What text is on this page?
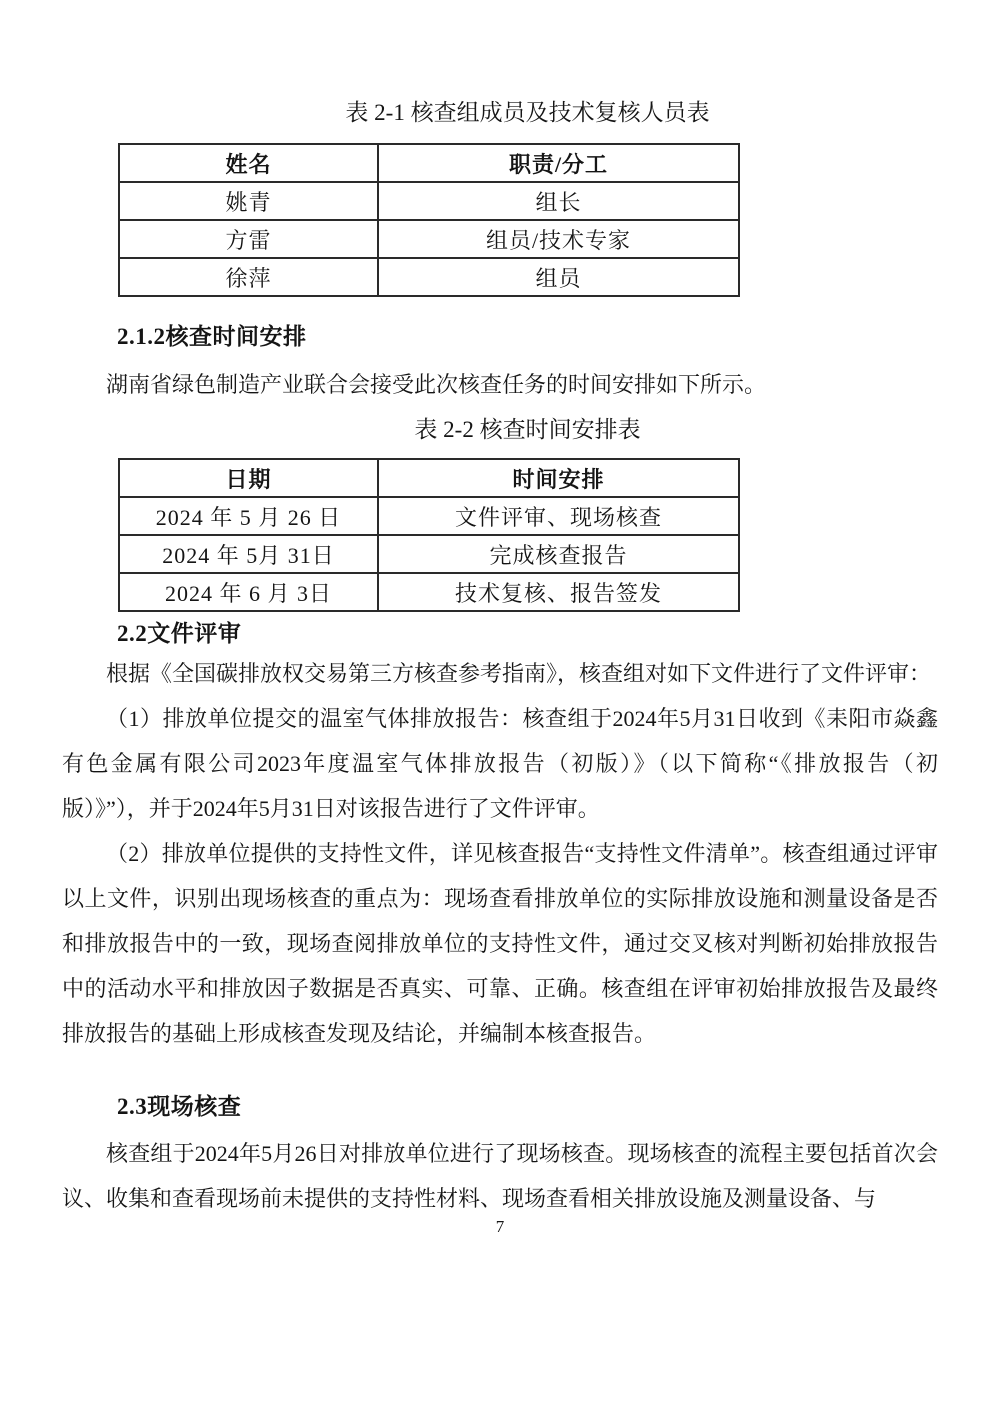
表 2-1 核查组成员及技术复核人员表
姓名	职责/分工
姚青	组长
方雷	组员/技术专家
徐萍	组员
2.1.2核查时间安排

湖南省绿色制造产业联合会接受此次核查任务的时间安排如下所示。

表 2-2 核查时间安排表
日期	时间安排
2024 年 5 月 26 日	文件评审、现场核查
2024 年 5月 31日	完成核查报告
2024 年 6 月 3日	技术复核、报告签发
2.2文件评审

根据《全国碳排放权交易第三方核查参考指南》，核查组对如下文件进行了文件评审：

（1）排放单位提交的温室气体排放报告：核查组于2024年5月31日收到《耒阳市焱鑫有色金属有限公司2023年度温室气体排放报告（初版）》（以下简称“《排放报告（初版）》”），并于2024年5月31日对该报告进行了文件评审。

（2）排放单位提供的支持性文件，详见核查报告“支持性文件清单”。核查组通过评审以上文件，识别出现场核查的重点为：现场查看排放单位的实际排放设施和测量设备是否和排放报告中的一致，现场查阅排放单位的支持性文件，通过交叉核对判断初始排放报告中的活动水平和排放因子数据是否真实、可靠、正确。核查组在评审初始排放报告及最终排放报告的基础上形成核查发现及结论，并编制本核查报告。

2.3现场核查

核查组于2024年5月26日对排放单位进行了现场核查。现场核查的流程主要包括首次会议、收集和查看现场前未提供的支持性材料、现场查看相关排放设施及测量设备、与

7
